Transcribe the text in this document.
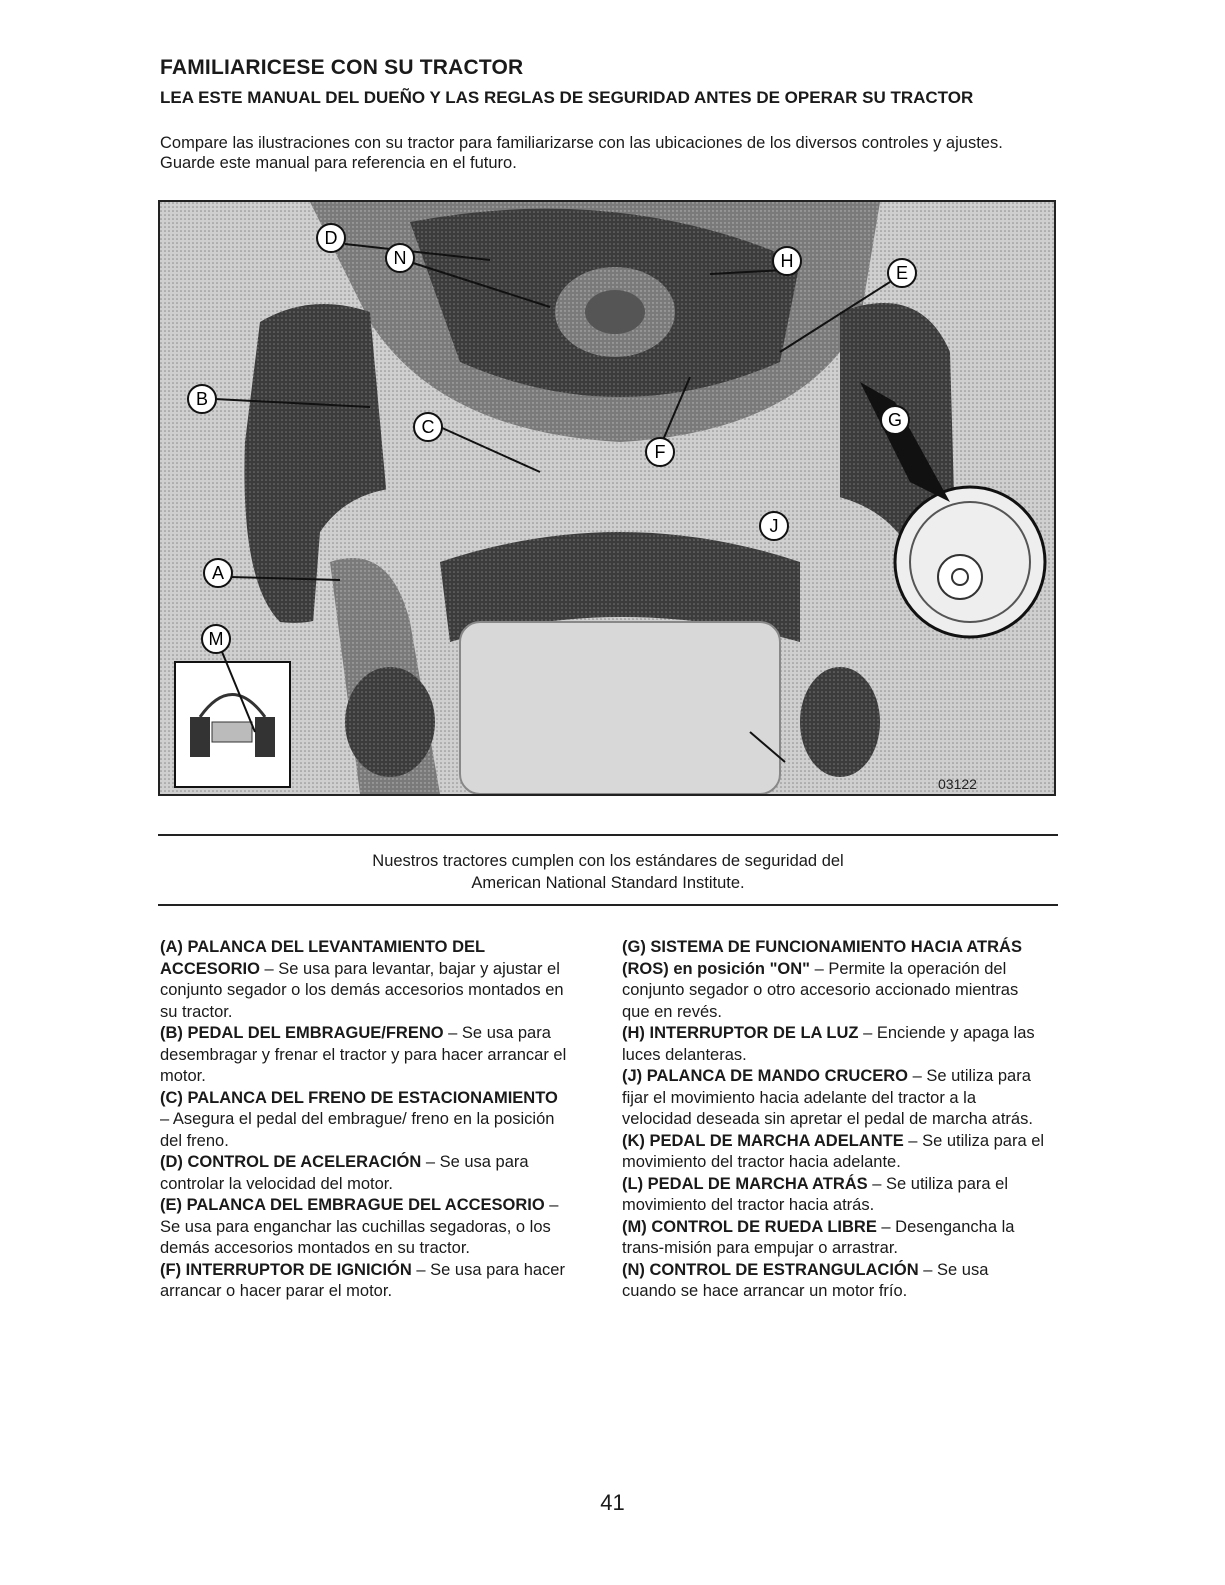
FAMILIARICESE CON SU TRACTOR
LEA ESTE MANUAL DEL DUEÑO Y LAS REGLAS DE SEGURIDAD ANTES DE OPERAR SU TRACTOR
Compare las ilustraciones con su tractor para familiarizarse con las ubicaciones de los diversos controles y ajustes. Guarde este manual para referencia en el futuro.
D
H
E
N
B
C
F
G
J
A
M
03122
Nuestros tractores cumplen con los estándares de seguridad del
American National Standard Institute.

(A) PALANCA DEL LEVANTAMIENTO DEL ACCESORIO – Se usa para levantar, bajar y ajustar el conjunto segador o los demás accesorios montados en su tractor.

(B) PEDAL DEL EMBRAGUE/FRENO – Se usa para desembragar y frenar el tractor y para hacer arrancar el motor.

(C) PALANCA DEL FRENO DE ESTACIONAMIENTO – Asegura el pedal del embrague/ freno en la posición del freno.

(D) CONTROL DE ACELERACIÓN – Se usa para controlar la velocidad del motor.

(E) PALANCA DEL EMBRAGUE DEL ACCESORIO – Se usa para enganchar las cuchillas segadoras, o los demás accesorios montados en su tractor.

(F) INTERRUPTOR DE IGNICIÓN – Se usa para hacer arrancar o hacer parar el motor.

(G) SISTEMA DE FUNCIONAMIENTO HACIA ATRÁS (ROS) en posición "ON" – Permite la operación del conjunto segador o otro accesorio accionado mientras que en revés.

(H) INTERRUPTOR DE LA LUZ – Enciende y apaga las luces delanteras.

(J) PALANCA DE MANDO CRUCERO – Se utiliza para fijar el movimiento hacia adelante del tractor a la velocidad deseada sin apretar el pedal de marcha atrás.

(K) PEDAL DE MARCHA ADELANTE – Se utiliza para el movimiento del tractor hacia adelante.

(L) PEDAL DE MARCHA ATRÁS – Se utiliza para el movimiento del tractor hacia atrás.

(M) CONTROL DE RUEDA LIBRE – Desengancha la trans-misión para empujar o arrastrar.

(N) CONTROL DE ESTRANGULACIÓN – Se usa cuando se hace arrancar un motor frío.

41
